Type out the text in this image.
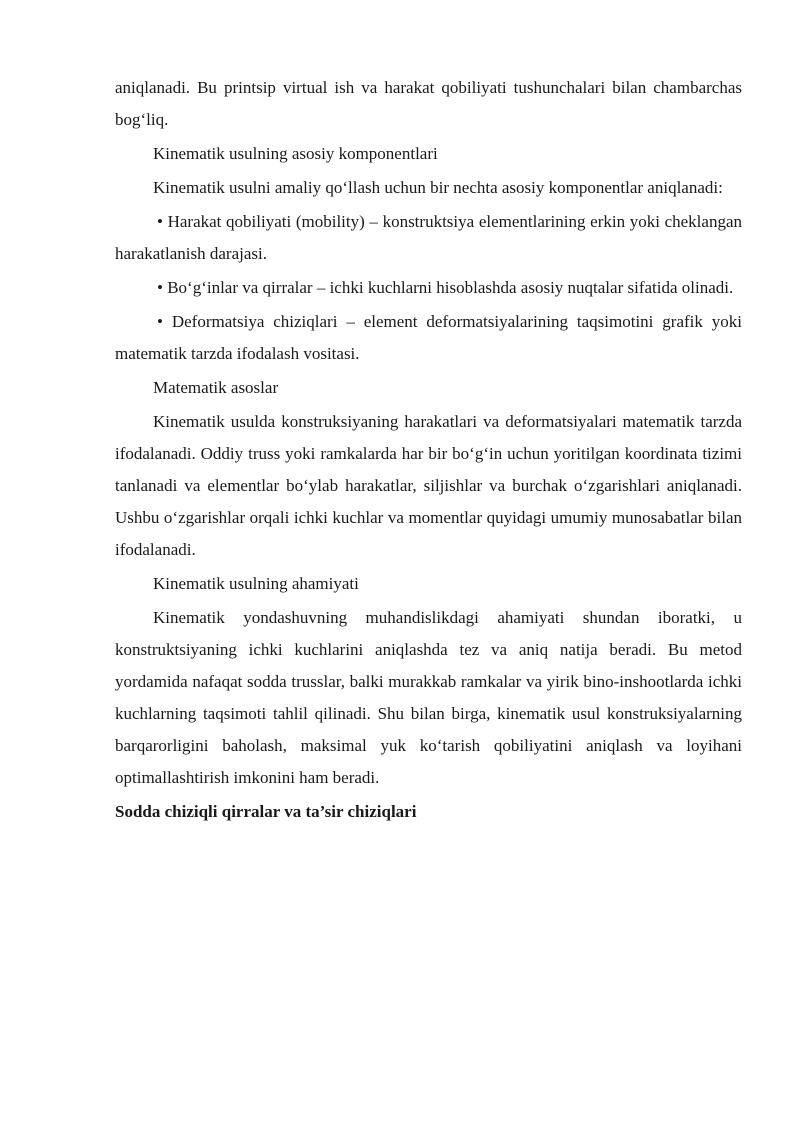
aniqlanadi. Bu printsip virtual ish va harakat qobiliyati tushunchalari bilan chambarchas bog‘liq.

Kinematik usulning asosiy komponentlari

Kinematik usulni amaliy qo‘llash uchun bir nechta asosiy komponentlar aniqlanadi:

• Harakat qobiliyati (mobility) – konstruktsiya elementlarining erkin yoki cheklangan harakatlanish darajasi.

• Bo‘g‘inlar va qirralar – ichki kuchlarni hisoblashda asosiy nuqtalar sifatida olinadi.

• Deformatsiya chiziqlari – element deformatsiyalarining taqsimotini grafik yoki matematik tarzda ifodalash vositasi.

Matematik asoslar

Kinematik usulda konstruksiyaning harakatlari va deformatsiyalari matematik tarzda ifodalanadi. Oddiy truss yoki ramkalarda har bir bo‘g‘in uchun yoritilgan koordinata tizimi tanlanadi va elementlar bo‘ylab harakatlar, siljishlar va burchak o‘zgarishlari aniqlanadi. Ushbu o‘zgarishlar orqali ichki kuchlar va momentlar quyidagi umumiy munosabatlar bilan ifodalanadi.

Kinematik usulning ahamiyati

Kinematik yondashuvning muhandislikdagi ahamiyati shundan iboratki, u konstruktsiyaning ichki kuchlarini aniqlashda tez va aniq natija beradi. Bu metod yordamida nafaqat sodda trusslar, balki murakkab ramkalar va yirik bino-inshootlarda ichki kuchlarning taqsimoti tahlil qilinadi. Shu bilan birga, kinematik usul konstruksiyalarning barqarorligini baholash, maksimal yuk ko‘tarish qobiliyatini aniqlash va loyihani optimallashtirish imkonini ham beradi.

Sodda chiziqli qirralar va ta’sir chiziqlari
